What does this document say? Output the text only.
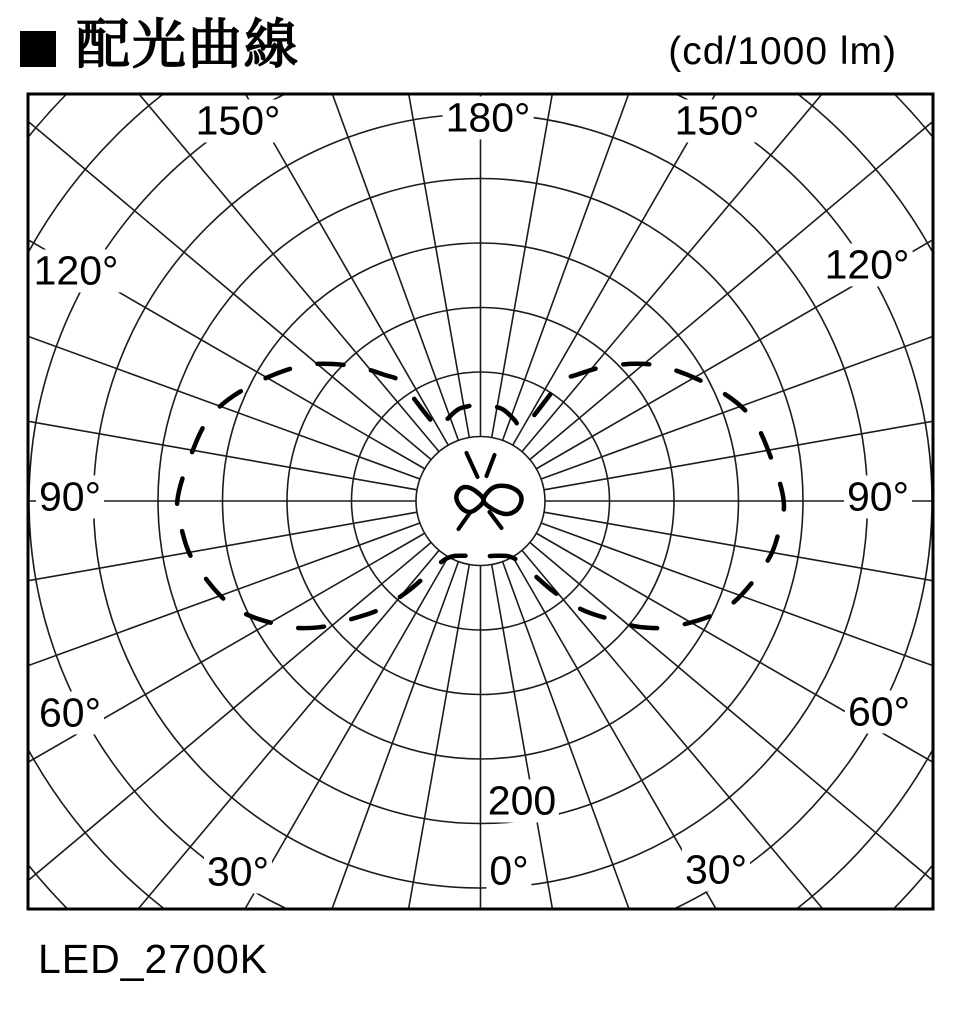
配光曲線	(cd/1000 lm)
180°
150°	150°
120°	120°
90°	90°
60°	60°
30°	30°
0°
200
LED_2700K
